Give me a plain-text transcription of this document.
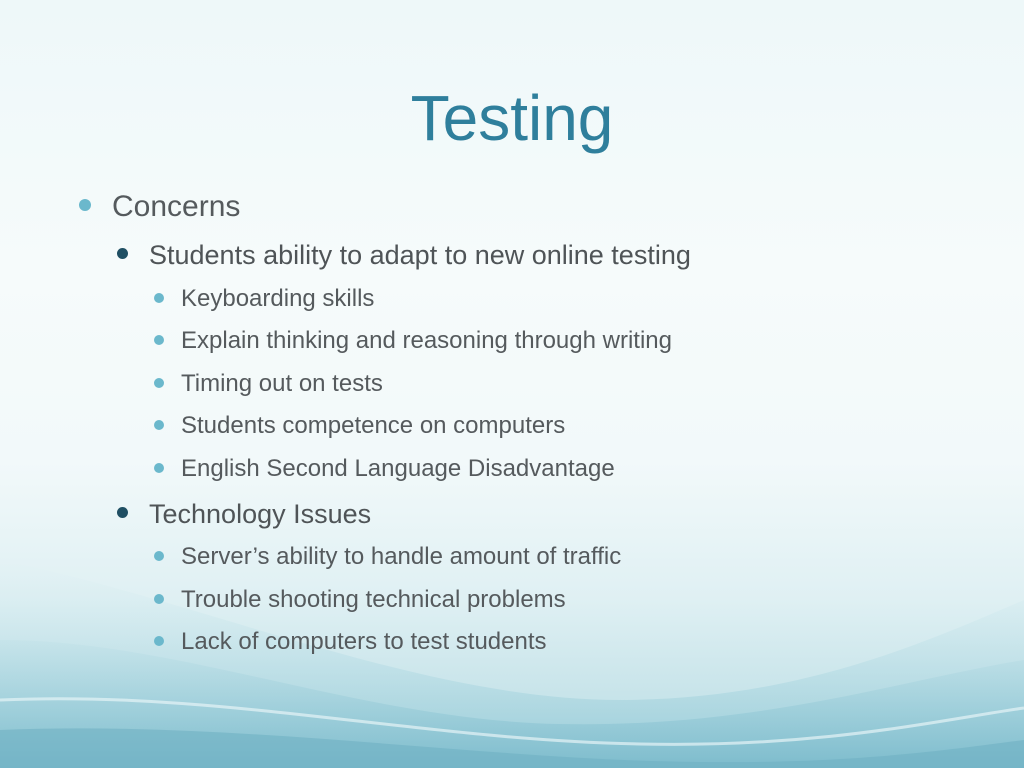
Testing
Concerns
Students ability to adapt to new online testing
Keyboarding skills
Explain thinking and reasoning through writing
Timing out on tests
Students competence on computers
English Second Language Disadvantage
Technology Issues
Server’s ability to handle amount of traffic
Trouble shooting technical problems
Lack of computers to test students
